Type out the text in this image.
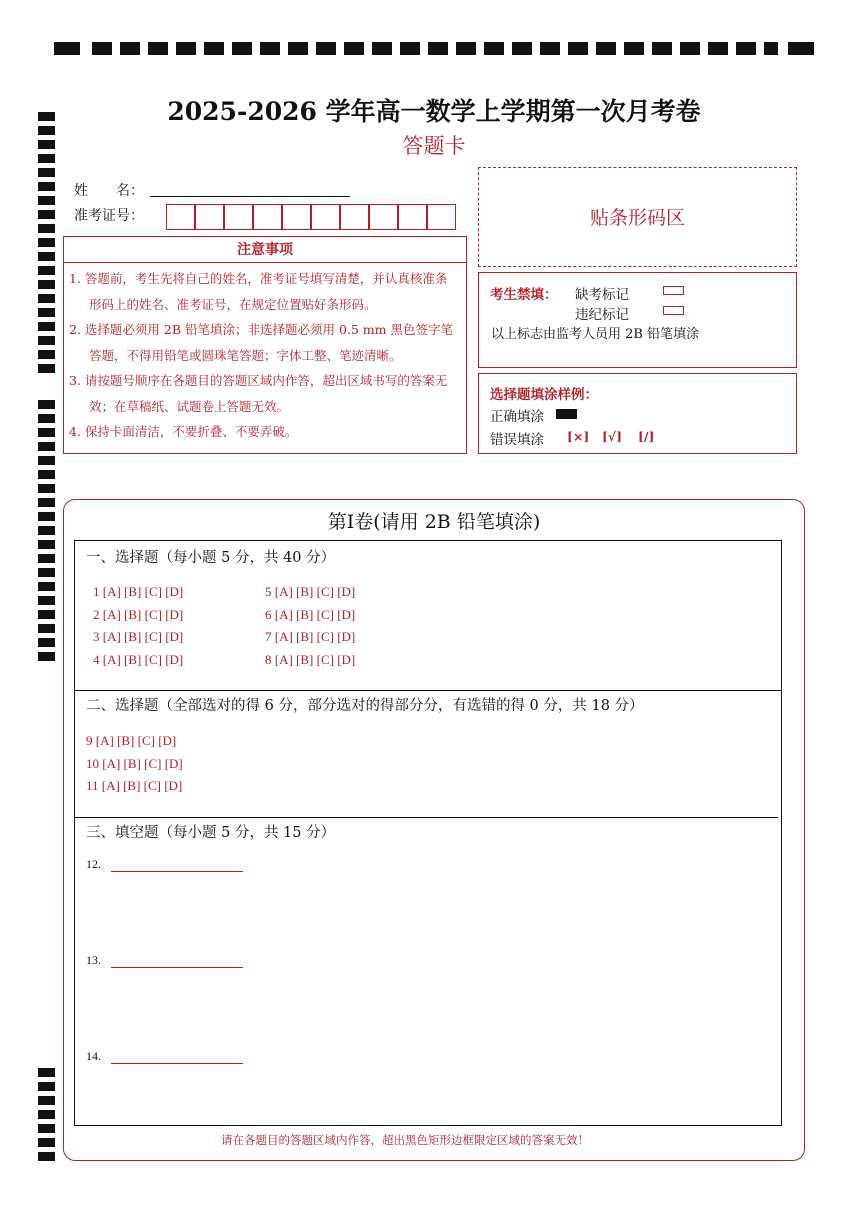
2025-2026 学年高一数学上学期第一次月考卷
答题卡
姓　　名：
准考证号：	贴条形码区
注意事项

1. 答题前，考生先将自己的姓名，准考证号填写清楚，并认真核准条

形码上的姓名、准考证号，在规定位置贴好条形码。

2. 选择题必须用 2B 铅笔填涂；非选择题必须用 0.5 mm 黑色签字笔

答题，不得用铅笔或圆珠笔答题；字体工整、笔迹清晰。

3. 请按题号顺序在各题目的答题区域内作答，超出区域书写的答案无

效；在草稿纸、试题卷上答题无效。

4. 保持卡面清洁，不要折叠、不要弄破。

考生禁填： 缺考标记
违纪标记
以上标志由监考人员用 2B 铅笔填涂
选择题填涂样例：
正确填涂
错误填涂 [×] [√] [/]
第Ⅰ卷(请用 2B 铅笔填涂)
一、选择题（每小题 5 分，共 40 分）
1 [A] [B] [C] [D]
2 [A] [B] [C] [D]
3 [A] [B] [C] [D]
4 [A] [B] [C] [D]
5 [A] [B] [C] [D]
6 [A] [B] [C] [D]
7 [A] [B] [C] [D]
8 [A] [B] [C] [D]
二、选择题（全部选对的得 6 分，部分选对的得部分分，有选错的得 0 分，共 18 分）
9 [A] [B] [C] [D]
10 [A] [B] [C] [D]
11 [A] [B] [C] [D]
三、填空题（每小题 5 分，共 15 分）
12.
13.
14.
请在各题目的答题区域内作答，超出黑色矩形边框限定区域的答案无效！
